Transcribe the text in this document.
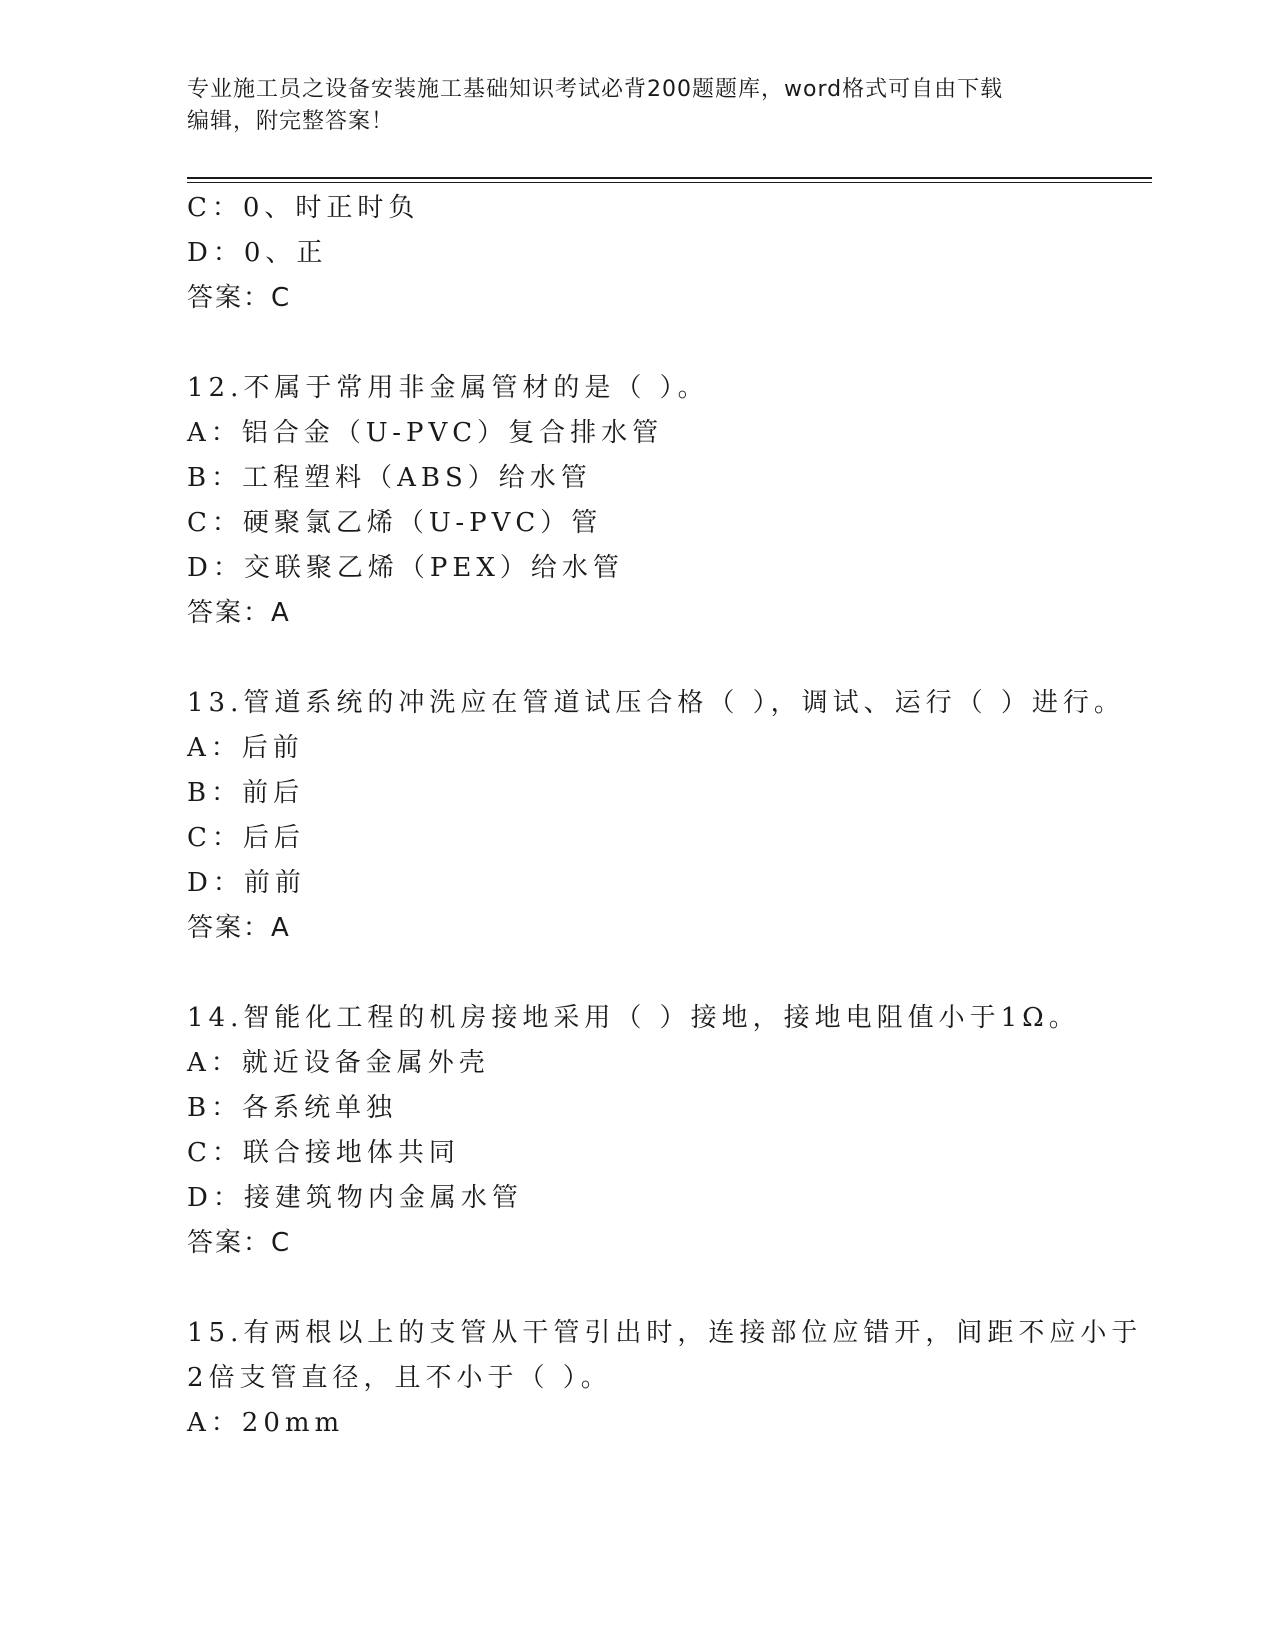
专业施工员之设备安装施工基础知识考试必背200题题库，word格式可自由下载
编辑，附完整答案！
C：0、时正时负
D：0、正
答案：C
12.不属于常用非金属管材的是（ ）。
A：铝合金（U-PVC）复合排水管
B：工程塑料（ABS）给水管
C：硬聚氯乙烯（U-PVC）管
D：交联聚乙烯（PEX）给水管
答案：A
13.管道系统的冲洗应在管道试压合格（ ），调试、运行（ ）进行。
A：后前
B：前后
C：后后
D：前前
答案：A
14.智能化工程的机房接地采用（ ）接地，接地电阻值小于1Ω。
A：就近设备金属外壳
B：各系统单独
C：联合接地体共同
D：接建筑物内金属水管
答案：C
15.有两根以上的支管从干管引出时，连接部位应错开，间距不应小于
2倍支管直径，且不小于（ ）。
A：20mm
